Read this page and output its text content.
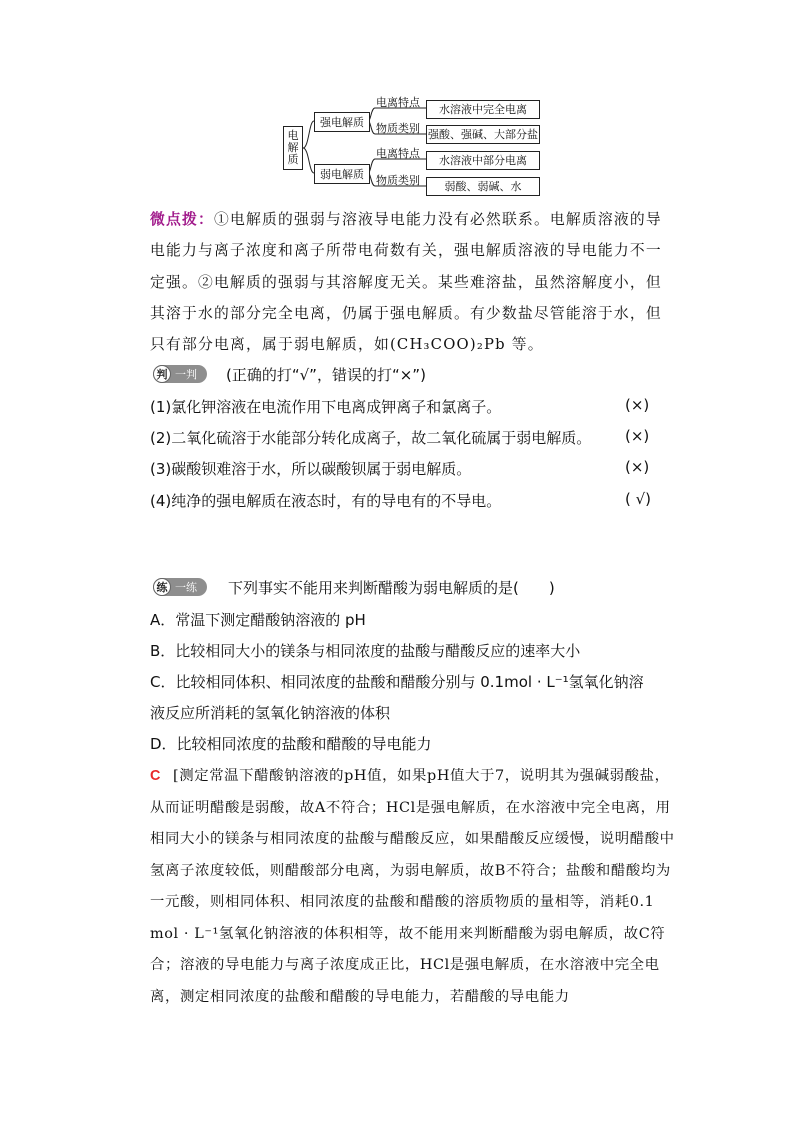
电解质
强电解质
弱电解质
电离特点
物质类别
电离特点
物质类别
水溶液中完全电离
强酸、强碱、大部分盐
水溶液中部分电离
弱酸、弱碱、水
微点拨：①电解质的强弱与溶液导电能力没有必然联系。电解质溶液的导电能力与离子浓度和离子所带电荷数有关，强电解质溶液的导电能力不一定强。②电解质的强弱与其溶解度无关。某些难溶盐，虽然溶解度小，但其溶于水的部分完全电离，仍属于强电解质。有少数盐尽管能溶于水，但只有部分电离，属于弱电解质，如(CH₃COO)₂Pb 等。
判 一判 (正确的打“√”，错误的打“×”)
(1)氯化钾溶液在电流作用下电离成钾离子和氯离子。	(×)
(2)二氧化硫溶于水能部分转化成离子，故二氧化硫属于弱电解质。 (×)
(3)碳酸钡难溶于水，所以碳酸钡属于弱电解质。	(×)
(4)纯净的强电解质在液态时，有的导电有的不导电。	( √)
练 一练 下列事实不能用来判断醋酸为弱电解质的是(　　)
A．常温下测定醋酸钠溶液的 pH
B．比较相同大小的镁条与相同浓度的盐酸与醋酸反应的速率大小
C．比较相同体积、相同浓度的盐酸和醋酸分别与 0.1mol · L⁻¹氢氧化钠溶
液反应所消耗的氢氧化钠溶液的体积
D．比较相同浓度的盐酸和醋酸的导电能力
C [测定常温下醋酸钠溶液的pH值，如果pH值大于7，说明其为强碱弱酸盐，从而证明醋酸是弱酸，故A不符合；HCl是强电解质，在水溶液中完全电离，用相同大小的镁条与相同浓度的盐酸与醋酸反应，如果醋酸反应缓慢，说明醋酸中氢离子浓度较低，则醋酸部分电离，为弱电解质，故B不符合；盐酸和醋酸均为一元酸，则相同体积、相同浓度的盐酸和醋酸的溶质物质的量相等，消耗0.1 mol · L⁻¹氢氧化钠溶液的体积相等，故不能用来判断醋酸为弱电解质，故C符合；溶液的导电能力与离子浓度成正比，HCl是强电解质，在水溶液中完全电离，测定相同浓度的盐酸和醋酸的导电能力，若醋酸的导电能力
